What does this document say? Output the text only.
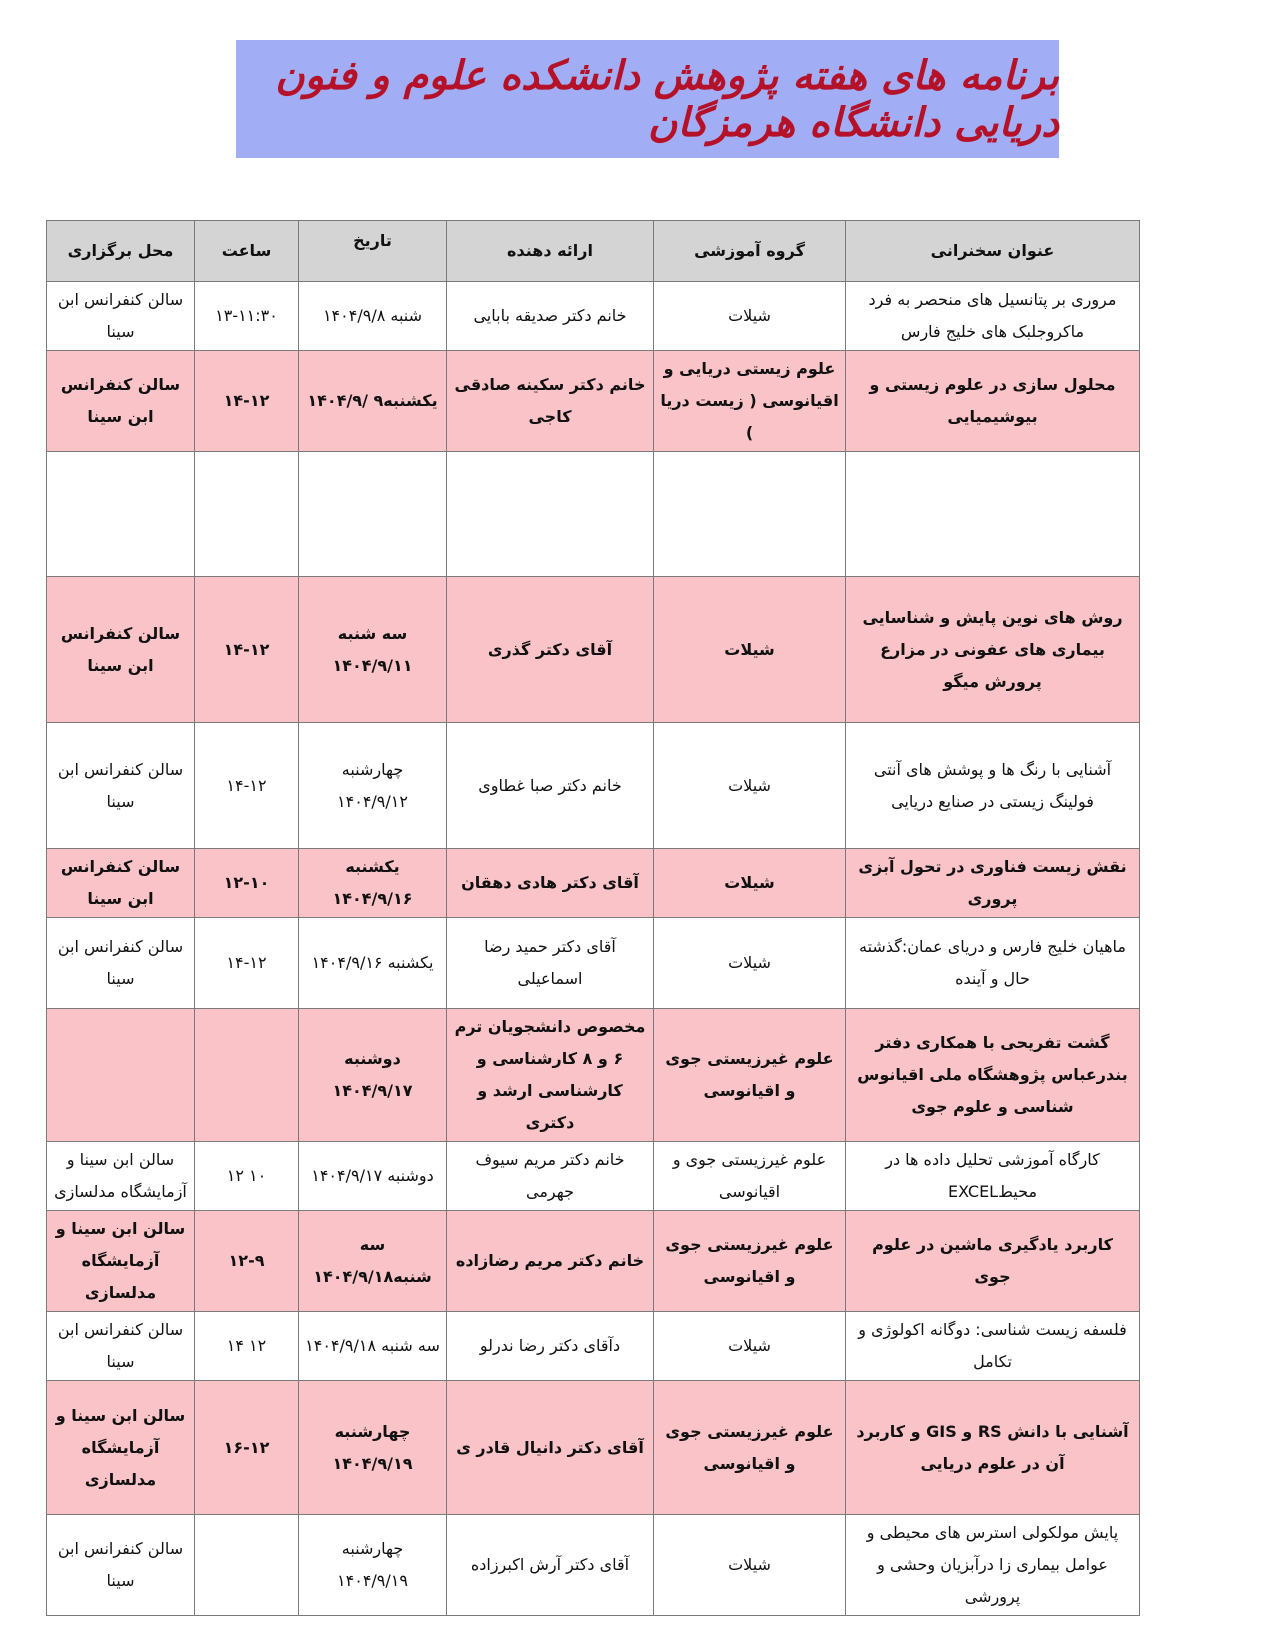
برنامه های هفته پژوهش دانشکده علوم و فنون دریایی دانشگاه هرمزگان
عنوان سخنرانی	گروه آموزشی	ارائه دهنده	تاریخ	ساعت	محل برگزاری
مروری بر پتانسیل های منحصر به فرد ماکروجلبک های خلیج فارس	شیلات	خانم دکتر صدیقه بابایی	شنبه ۱۴۰۴/۹/۸	۱۳-۱۱:۳۰	سالن کنفرانس ابن سینا
محلول سازی در علوم زیستی و بیوشیمیایی	علوم زیستی دریایی و اقیانوسی ( زیست دریا )	خانم دکتر سکینه صادقی کاجی	یکشنبه۹ /۱۴۰۴/۹	۱۴-۱۲	سالن کنفرانس ابن سینا

روش های نوین پایش و شناسایی بیماری های عفونی در مزارع پرورش میگو	شیلات	آقای دکتر گذری	سه شنبه ۱۴۰۴/۹/۱۱	۱۴-۱۲	سالن کنفرانس ابن سینا
آشنایی با رنگ ها و پوشش های آنتی فولینگ زیستی در صنایع دریایی	شیلات	خانم دکتر صبا غطاوی	چهارشنبه ۱۴۰۴/۹/۱۲	۱۴-۱۲	سالن کنفرانس ابن سینا
نقش زیست فناوری در تحول آبزی پروری	شیلات	آقای دکتر هادی دهقان	یکشنبه ۱۴۰۴/۹/۱۶	۱۲-۱۰	سالن کنفرانس ابن سینا
ماهیان خلیج فارس و دریای عمان:گذشته حال و آینده	شیلات	آقای دکتر حمید رضا اسماعیلی	یکشنبه ۱۴۰۴/۹/۱۶	۱۴-۱۲	سالن کنفرانس ابن سینا
گشت تفریحی با همکاری دفتر بندرعباس پژوهشگاه ملی اقیانوس شناسی و علوم جوی	علوم غیرزیستی جوی و اقیانوسی	مخصوص دانشجویان ترم ۶ و ۸ کارشناسی و کارشناسی ارشد و دکتری	دوشنبه ۱۴۰۴/۹/۱۷		
کارگاه آموزشی تحلیل داده ها در محیطEXCEL	علوم غیرزیستی جوی و اقیانوسی	خانم دکتر مریم سیوف جهرمی	دوشنبه ۱۴۰۴/۹/۱۷	۱۰ ۱۲	سالن ابن سینا و آزمایشگاه مدلسازی
کاربرد یادگیری ماشین در علوم جوی	علوم غیرزیستی جوی و اقیانوسی	خانم دکتر مریم رضازاده	سه شنبه۱۴۰۴/۹/۱۸	۱۲-۹	سالن ابن سینا و آزمایشگاه مدلسازی
فلسفه زیست شناسی: دوگانه اکولوژی و تکامل	شیلات	دآقای دکتر رضا ندرلو	سه شنبه ۱۴۰۴/۹/۱۸	۱۲ ۱۴	سالن کنفرانس ابن سینا
آشنایی با دانش RS و GIS و کاربرد آن در علوم دریایی	علوم غیرزیستی جوی و اقیانوسی	آقای دکتر دانیال قادر ی	چهارشنبه ۱۴۰۴/۹/۱۹	۱۶-۱۲	سالن ابن سینا و آزمایشگاه مدلسازی
پایش مولکولی استرس های محیطی و عوامل بیماری زا درآبزیان وحشی و پرورشی	شیلات	آقای دکتر آرش اکبرزاده	چهارشنبه ۱۴۰۴/۹/۱۹		سالن کنفرانس ابن سینا
